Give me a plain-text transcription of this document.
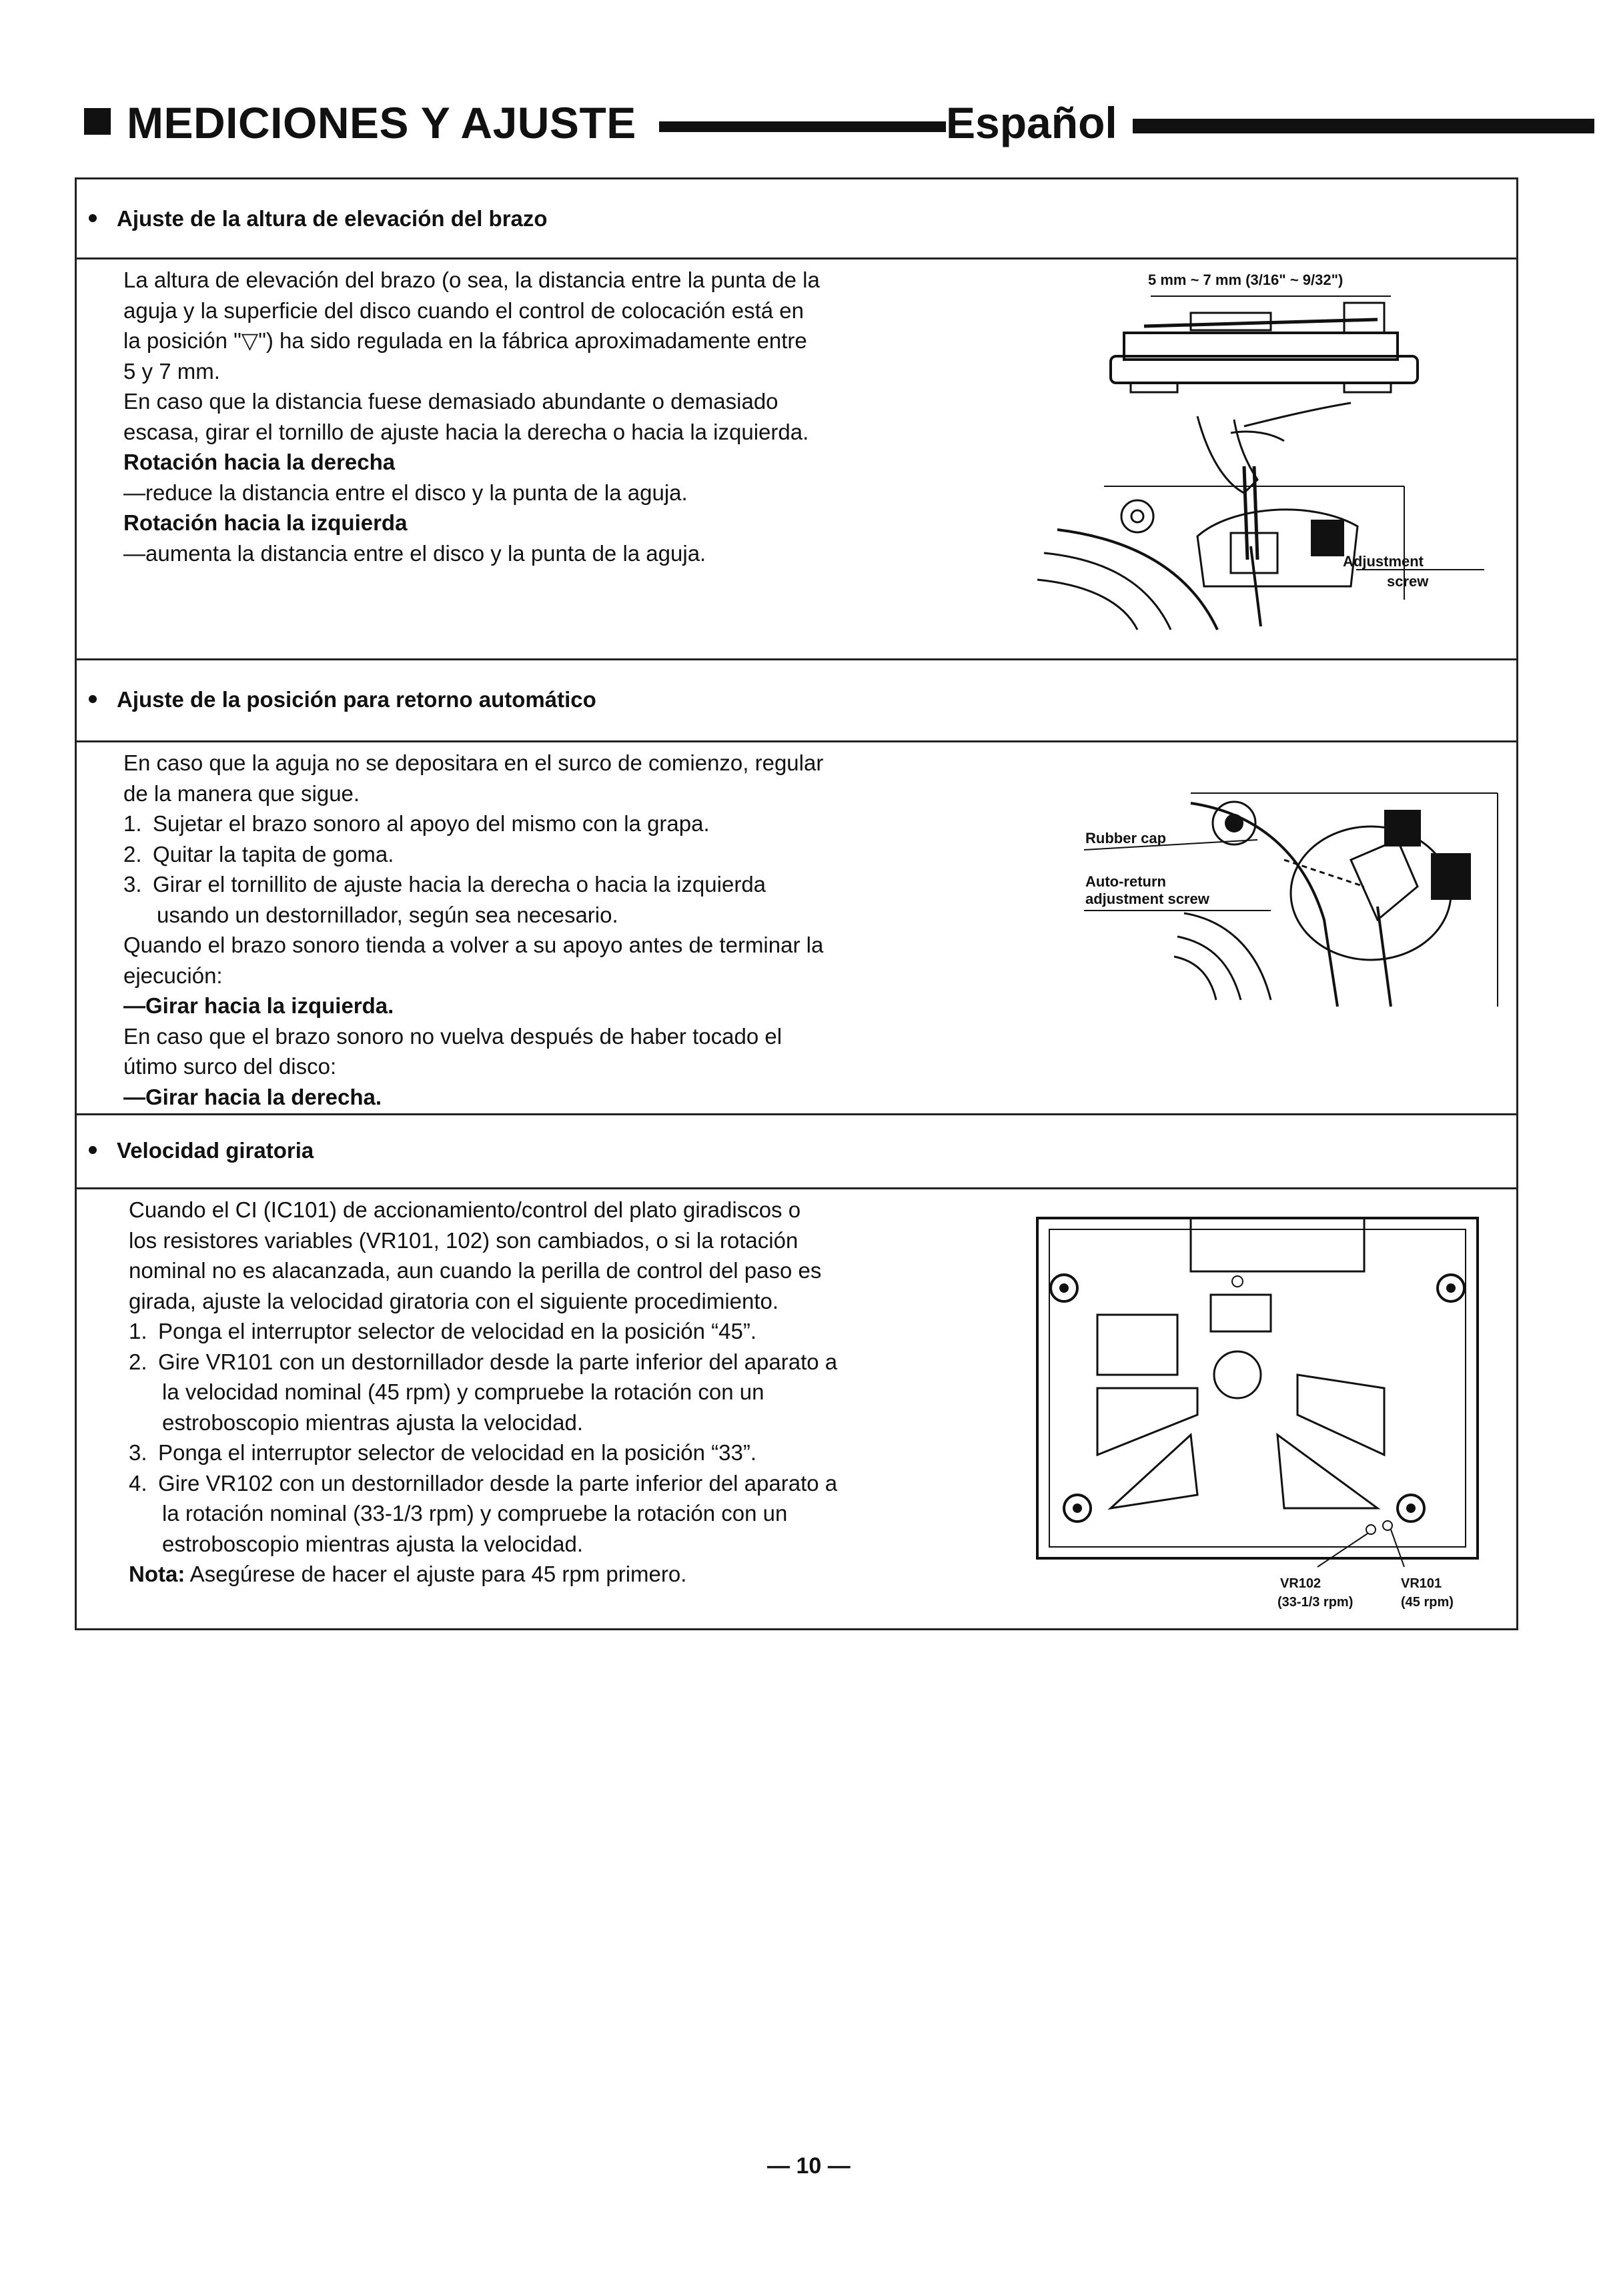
MEDICIONES Y AJUSTE	Español
Ajuste de la altura de elevación del brazo
La altura de elevación del brazo (o sea, la distancia entre la punta de la
aguja y la superficie del disco cuando el control de colocación está en
la posición "▽") ha sido regulada en la fábrica aproximadamente entre
5 y 7 mm.
En caso que la distancia fuese demasiado abundante o demasiado
escasa, girar el tornillo de ajuste hacia la derecha o hacia la izquierda.
Rotación hacia la derecha
—reduce la distancia entre el disco y la punta de la aguja.
Rotación hacia la izquierda
—aumenta la distancia entre el disco y la punta de la aguja.
5 mm ~ 7 mm (3/16" ~ 9/32")
Adjustment
screw
Ajuste de la posición para retorno automático
En caso que la aguja no se depositara en el surco de comienzo, regular
de la manera que sigue.
1. Sujetar el brazo sonoro al apoyo del mismo con la grapa.
2. Quitar la tapita de goma.
3. Girar el tornillito de ajuste hacia la derecha o hacia la izquierda
usando un destornillador, según sea necesario.
Quando el brazo sonoro tienda a volver a su apoyo antes de terminar la
ejecución:
—Girar hacia la izquierda.
En caso que el brazo sonoro no vuelva después de haber tocado el
útimo surco del disco:
—Girar hacia la derecha.
Rubber cap
Auto-return
adjustment screw
Velocidad giratoria
Cuando el CI (IC101) de accionamiento/control del plato giradiscos o
los resistores variables (VR101, 102) son cambiados, o si la rotación
nominal no es alacanzada, aun cuando la perilla de control del paso es
girada, ajuste la velocidad giratoria con el siguiente procedimiento.
1. Ponga el interruptor selector de velocidad en la posición “45”.
2. Gire VR101 con un destornillador desde la parte inferior del aparato a
la velocidad nominal (45 rpm) y compruebe la rotación con un
estroboscopio mientras ajusta la velocidad.
3. Ponga el interruptor selector de velocidad en la posición “33”.
4. Gire VR102 con un destornillador desde la parte inferior del aparato a
la rotación nominal (33-1/3 rpm) y compruebe la rotación con un
estroboscopio mientras ajusta la velocidad.
Nota: Asegúrese de hacer el ajuste para 45 rpm primero.	VR102
(33-1/3 rpm)
VR101
(45 rpm)
— 10 —
